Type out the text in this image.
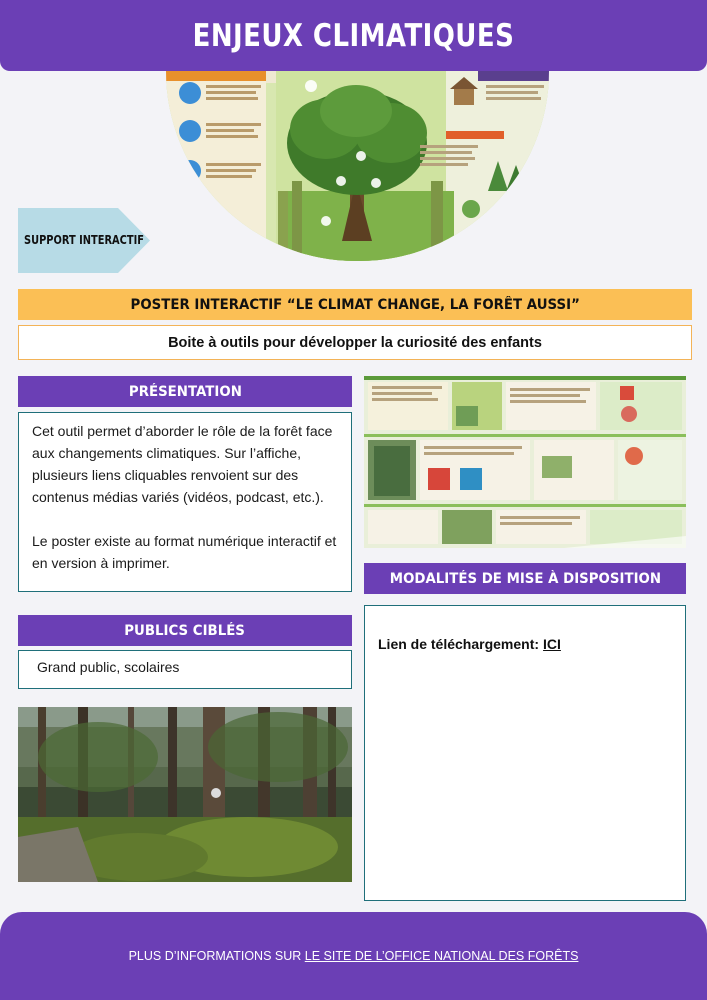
ENJEUX CLIMATIQUES
SUPPORT INTERACTIF
POSTER INTERACTIF “LE CLIMAT CHANGE, LA FORÊT AUSSI”
Boite à outils pour développer la curiosité des enfants
PRÉSENTATION

Cet outil permet d’aborder le rôle de la forêt face aux changements climatiques. Sur l’affiche, plusieurs liens cliquables renvoient sur des contenus médias variés (vidéos, podcast, etc.).

Le poster existe au format numérique interactif et en version à imprimer.

MODALITÉS DE MISE À DISPOSITION
Lien de téléchargement: ICI
PUBLICS CIBLÉS
Grand public, scolaires
PLUS D’INFORMATIONS SUR LE SITE DE L’OFFICE NATIONAL DES FORÊTS
